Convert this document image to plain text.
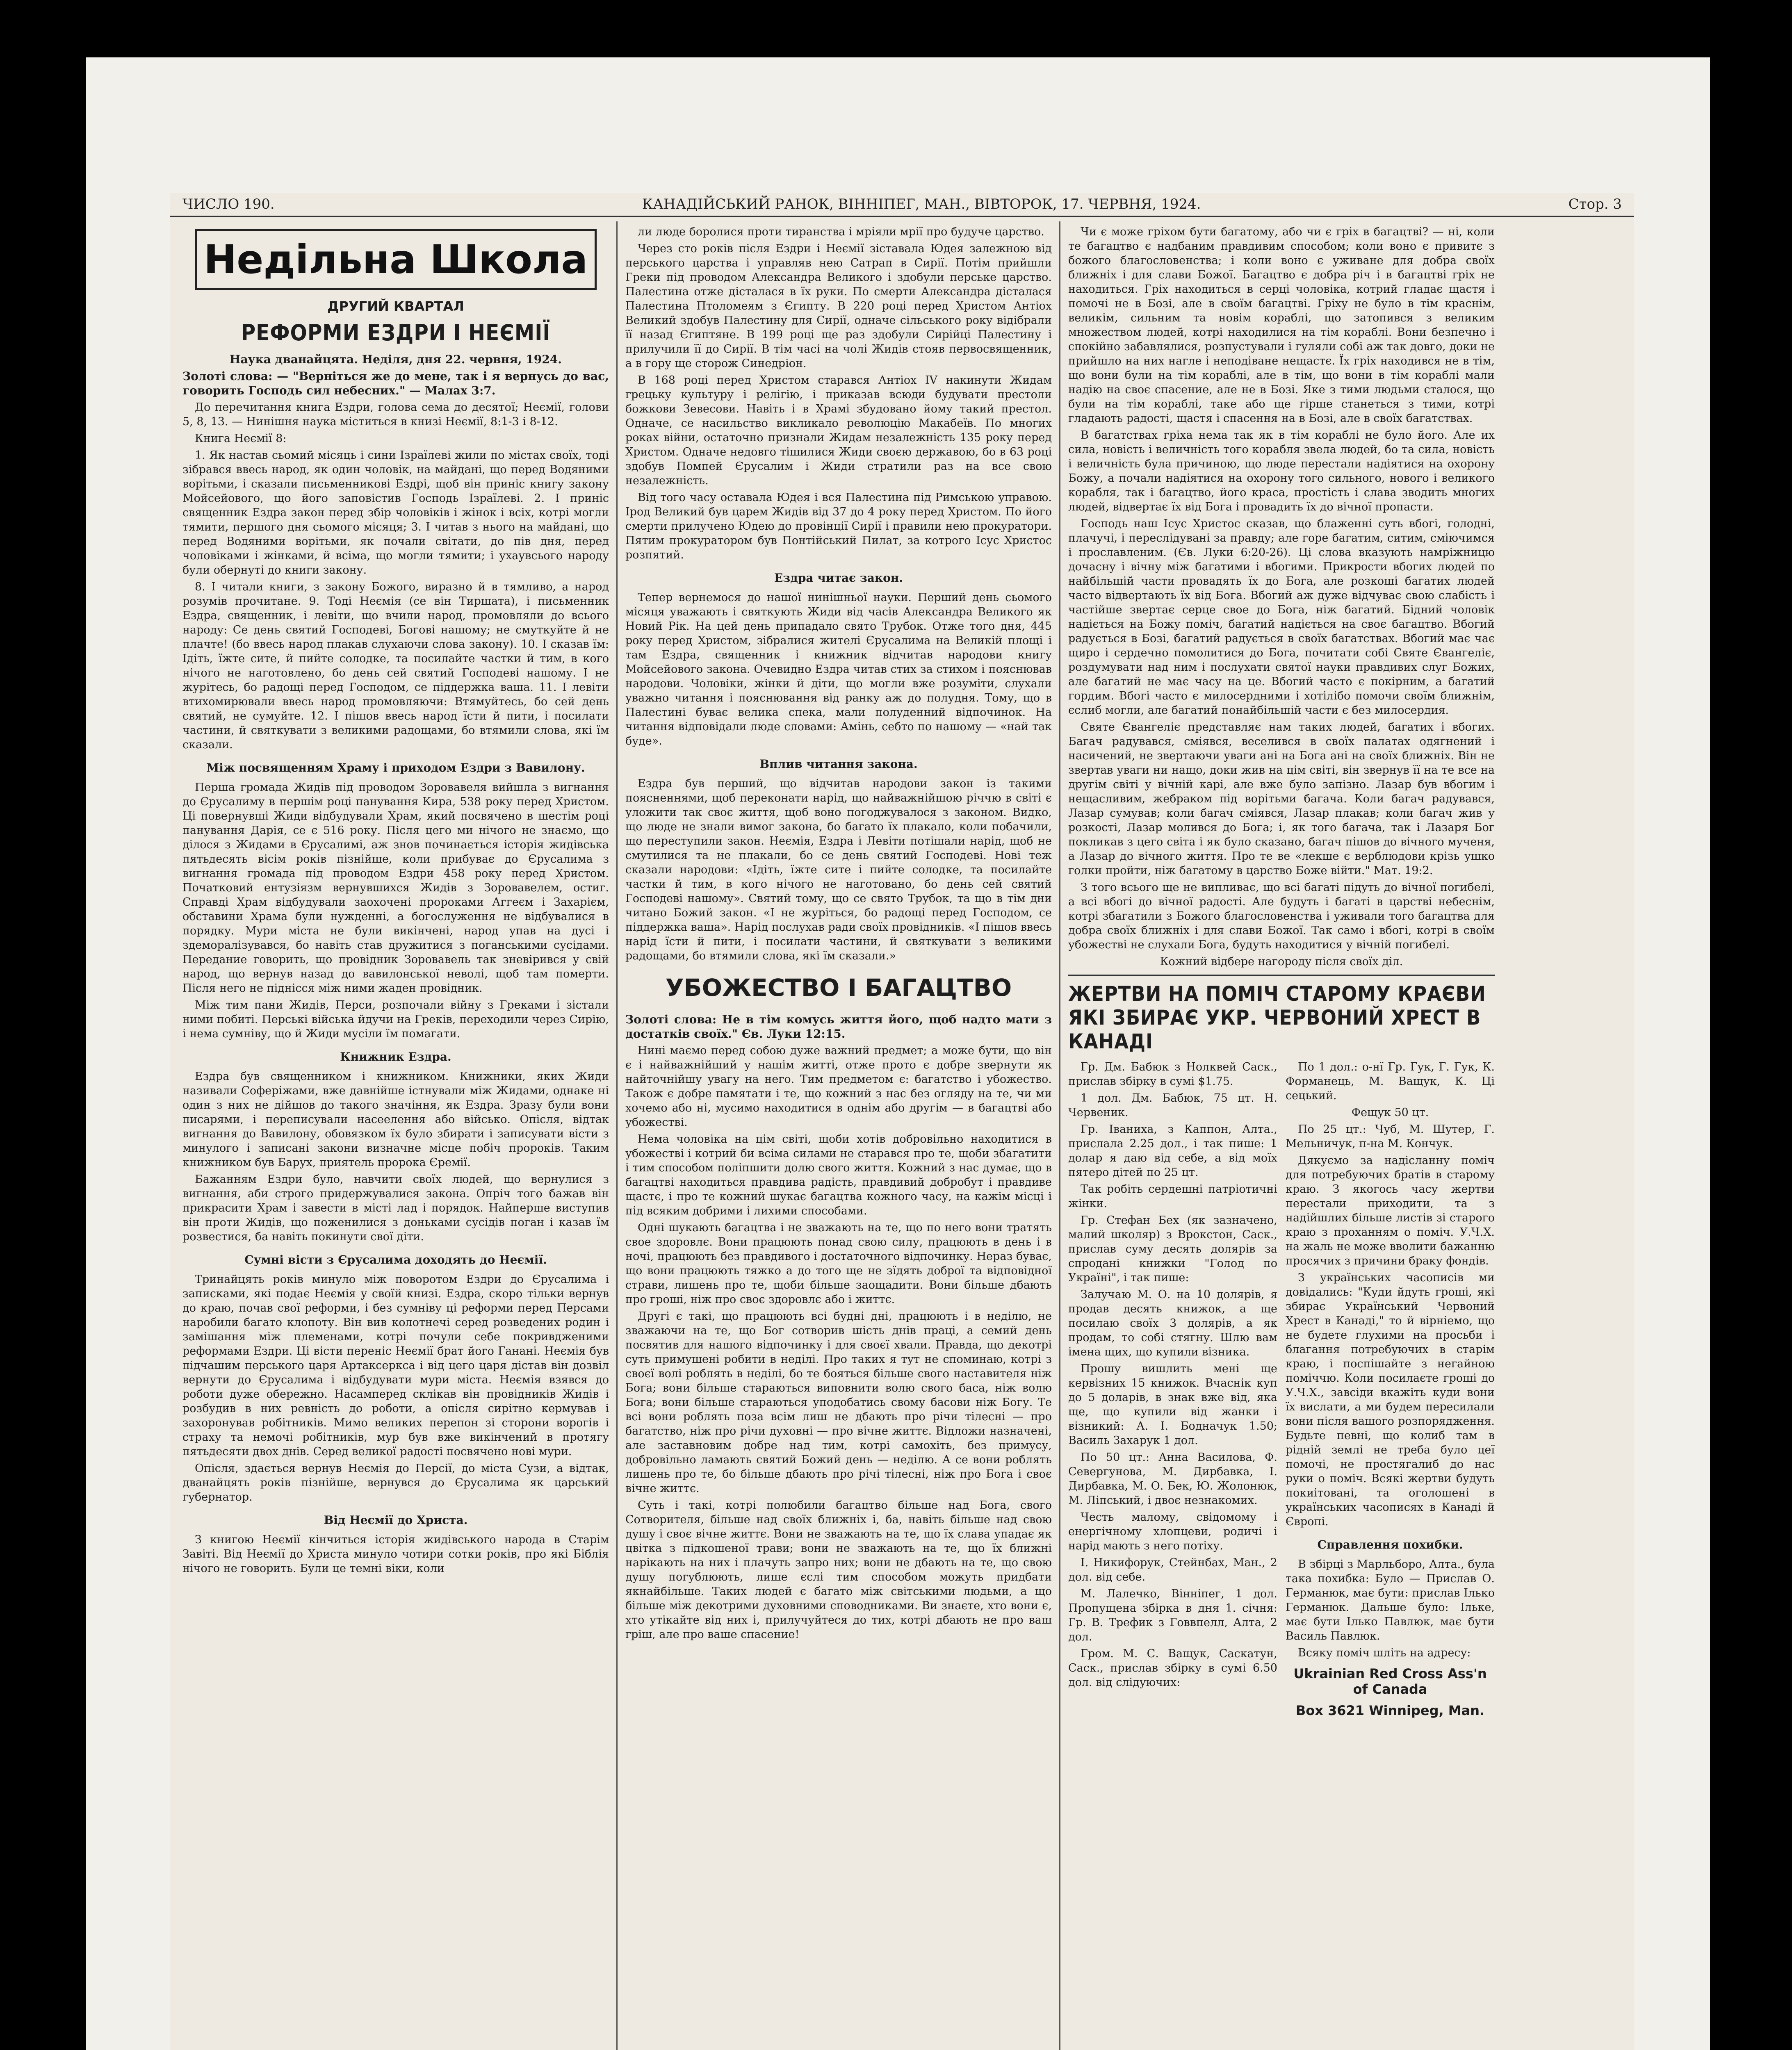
ЧИСЛО 190.	КАНАДІЙСЬКИЙ РАНОК, ВІННІПЕГ, МАН., ВІВТОРОК, 17. ЧЕРВНЯ, 1924.	Стор. 3
Недільна Школа
ДРУГИЙ КВАРТАЛ
РЕФОРМИ ЕЗДРИ І НЕЄМІЇ

Наука дванайцята. Неділя, дня 22. червня, 1924.

Золоті слова: — "Верніться же до мене, так і я вернусь до вас, говорить Господь сил небесних." — Малах 3:7.

До перечитання книга Ездри, голова сема до десятої; Неємії, голови 5, 8, 13. — Нинішня наука міститься в книзі Неємії, 8:1-3 і 8-12.

Книга Неємії 8:

1. Як настав сьомий місяць і сини Ізраїлеві жили по містах своїх, тоді зібрався ввесь народ, як один чоловік, на майдані, що перед Водяними ворітьми, і сказали письменникові Ездрі, щоб він приніс книгу закону Мойсейового, що його заповістив Господь Ізраїлеві. 2. І приніс священник Ездра закон перед збір чоловіків і жінок і всіх, котрі могли тямити, першого дня сьомого місяця; 3. І читав з нього на майдані, що перед Водяними ворітьми, як почали світати, до пів дня, перед чоловіками і жінками, й всіма, що могли тямити; і ухаувсього народу були обернуті до книги закону.

8. І читали книги, з закону Божого, виразно й в тямливо, а народ розумів прочитане. 9. Тоді Неємія (се він Тиршата), і письменник Ездра, священник, і левіти, що вчили народ, промовляли до всього народу: Се день святий Господеві, Богові нашому; не смуткуйте й не плачте! (бо ввесь народ плакав слухаючи слова закону). 10. І сказав їм: Ідіть, їжте сите, й пийте солодке, та посилайте частки й тим, в кого нічого не наготовлено, бо день сей святий Господеві нашому. І не журітесь, бо радощі перед Господом, се піддержка ваша. 11. І левіти втихомирювали ввесь народ промовляючи: Втямуйтесь, бо сей день святий, не сумуйте. 12. І пішов ввесь народ їсти й пити, і посилати частини, й святкувати з великими радощами, бо втямили слова, які їм сказали.

Між посвященням Храму і приходом Ездри з Вавилону.

Перша громада Жидів під проводом Зоровавеля вийшла з вигнання до Єрусалиму в першім році панування Кира, 538 року перед Христом. Ці повернувші Жиди відбудували Храм, який посвячено в шестім році панування Дарія, се є 516 року. Після цего ми нічого не знаємо, що ділося з Жидами в Єрусалимі, аж знов починається історія жидівська пятьдесять вісім років пізнійше, коли прибуває до Єрусалима з вигнання громада під проводом Ездри 458 року перед Христом. Початковий ентузіязм вернувшихся Жидів з Зоровавелем, остиг. Справді Храм відбудували заохочені пророками Аггеєм і Захарієм, обставини Храма були нужденні, а богослуження не відбувалися в порядку. Мури міста не були викінчені, народ упав на дусі і здеморалізувався, бо навіть став дружитися з поганськими сусідами. Передание говорить, що провідник Зоровавель так зневірився у свій народ, що вернув назад до вавилонської неволі, щоб там померти. Після него не піднісся між ними жаден провідник.

Між тим пани Жидів, Перси, розпочали війну з Греками і зістали ними побиті. Перські війська йдучи на Греків, переходили через Сирію, і нема сумніву, що й Жиди мусіли їм помагати.

Книжник Ездра.

Ездра був священником і книжником. Книжники, яких Жиди називали Соферіжами, вже давнійше істнували між Жидами, однаке ні один з них не дійшов до такого значіння, як Ездра. Зразу були вони писарями, і переписували насеелення або військо. Опісля, відтак вигнання до Вавилону, обовязком їх було збирати і записувати вісти з минулого і записані закони визначне місце побіч пророків. Таким книжником був Барух, приятель пророка Єремії.

Бажанням Ездри було, навчити своїх людей, що вернулися з вигнання, аби строго придержувалися закона. Опріч того бажав він прикрасити Храм і завести в місті лад і порядок. Найперше виступив він проти Жидів, що поженилися з доньками сусідів поган і казав їм розвестися, ба навіть покинути свої діти.

Сумні вісти з Єрусалима доходять до Неємії.

Тринайцять років минуло між поворотом Ездри до Єрусалима і записками, які подає Неємія у своїй книзі. Ездра, скоро тільки вернув до краю, почав свої реформи, і без сумніву ці реформи перед Персами наробили багато клопоту. Він вив колотнечі серед розведених родин і замішання між племенами, котрі почули себе покривдженими реформами Ездри. Ці вісти переніс Неємії брат його Ганані. Неємія був підчашим перського царя Артаксеркса і від цего царя дістав він дозвіл вернути до Єрусалима і відбудувати мури міста. Неємія взявся до роботи дуже обережно. Насамперед склікав він провідників Жидів і розбудив в них ревність до роботи, а опісля сирітно кермував і захоронував робітників. Мимо великих перепон зі сторони ворогів і страху та немочі робітників, мур був вже викінчений в протягу пятьдесяти двох днів. Серед великої радості посвячено нові мури.

Опісля, здається вернув Неємія до Персії, до міста Сузи, а відтак, дванайцять років пізнійше, вернувся до Єрусалима як царський губернатор.

Від Неємії до Христа.

З книгою Неємії кінчиться історія жидівського народа в Старім Завіті. Від Неємії до Христа минуло чотири сотки років, про які Біблія нічого не говорить. Були це темні віки, коли

ли люде боролися проти тиранства і мріяли мрії про будуче царство.

Через сто років після Ездри і Неємії зіставала Юдея залежною від перського царства і управляв нею Сатрап в Сирії. Потім прийшли Греки під проводом Александра Великого і здобули перське царство. Палестина отже дісталася в їх руки. По смерти Александра дісталася Палестина Птоломеям з Єгипту. В 220 році перед Христом Антіох Великий здобув Палестину для Сирії, одначе сільського року відібрали її назад Єгиптяне. В 199 році ще раз здобули Сирійці Палестину і прилучили її до Сирії. В тім часі на чолі Жидів стояв первосвященник, а в гору ще сторож Синедріон.

В 168 році перед Христом старався Антіох IV накинути Жидам грецьку культуру і релігію, і приказав всюди будувати престоли божкови Зевесови. Навіть і в Храмі збудовано йому такий престол. Одначе, се насильство викликало революцію Макабеїв. По многих роках війни, остаточно признали Жидам незалежність 135 року перед Христом. Одначе недовго тішилися Жиди своєю державою, бо в 63 році здобув Помпей Єрусалим і Жиди стратили раз на все свою незалежність.

Від того часу оставала Юдея і вся Палестина під Римською управою. Ірод Великий був царем Жидів від 37 до 4 року перед Христом. По його смерти прилучено Юдею до провінції Сирії і правили нею прокуратори. Пятим прокуратором був Понтійський Пилат, за котрого Ісус Христос розпятий.

Ездра читає закон.

Тепер вернемося до нашої нинішньої науки. Перший день сьомого місяця уважають і святкують Жиди від часів Александра Великого як Новий Рік. На цей день припадало свято Трубок. Отже того дня, 445 року перед Христом, зібралися жителі Єрусалима на Великій площі і там Ездра, священник і книжник відчитав народови книгу Мойсейового закона. Очевидно Ездра читав стих за стихом і пояснював народови. Чоловіки, жінки й діти, що могли вже розуміти, слухали уважно читання і пояснювання від ранку аж до полудня. Тому, що в Палестині буває велика спека, мали полуденний відпочинок. На читання відповідали люде словами: Амінь, себто по нашому — «най так буде».

Вплив читання закона.

Ездра був перший, що відчитав народови закон із такими поясненнями, щоб переконати нарід, що найважнійшою річчю в світі є уложити так своє життя, щоб воно погоджувалося з законом. Видко, що люде не знали вимог закона, бо багато їх плакало, коли побачили, що переступили закон. Неємія, Ездра і Левіти потішали нарід, щоб не смутилися та не плакали, бо се день святий Господеві. Нові теж сказали народови: «Ідіть, їжте сите і пийте солодке, та посилайте частки й тим, в кого нічого не наготовано, бо день сей святий Господеві нашому». Святий тому, що се свято Трубок, та що в тім дни читано Божий закон. «І не журіться, бо радощі перед Господом, се піддержка ваша». Нарід послухав ради своїх провідників. «І пішов ввесь нарід їсти й пити, і посилати частини, й святкувати з великими радощами, бо втямили слова, які їм сказали.»

УБОЖЕСТВО І БАГАЦТВО

Золоті слова: Не в тім комусь життя його, щоб надто мати з достатків своїх." Єв. Луки 12:15.

Нині маємо перед собою дуже важний предмет; а може бути, що він є і найважнійший у нашім житті, отже прото є добре звернути як найточнійшу увагу на него. Тим предметом є: багатство і убожество. Також є добре памятати і те, що кожний з нас без огляду на те, чи ми хочемо або ні, мусимо находитися в однім або другім — в багацтві або убожестві.

Нема чоловіка на цім світі, щоби хотів добровільно находитися в убожестві і котрий би всіма силами не старався про те, щоби збагатити і тим способом поліпшити долю свого життя. Кожний з нас думає, що в багацтві находиться правдива радість, правдивий добробут і правдиве щастє, і про те кожний шукає багацтва кожного часу, на кажім місці і під всяким добрими і лихими способами.

Одні шукають багацтва і не зважають на те, що по него вони тратять свое здоровлє. Вони працюють понад свою силу, працюють в день і в ночі, працюють без правдивого і достаточного відпочинку. Нераз буває, що вони працюють тяжко а до того ще не зїдять доброї та відповідної страви, лишень про те, щоби більше заощадити. Вони більше дбають про гроші, ніж про своє здоровлє або і життє.

Другі є такі, що працюють всі будні дні, працюють і в неділю, не зважаючи на те, що Бог сотворив шість днів праці, а семий день посвятив для нашого відпочинку і для своєї хвали. Правда, що декотрі суть примушені робити в неділі. Про таких я тут не споминаю, котрі з своєї волі роблять в неділі, бо те бояться більше свого наставителя ніж Бога; вони більше стараються виповнити волю свого баса, ніж волю Бога; вони більше стараються уподобатись свому басови ніж Богу. Те всі вони роблять поза всім лиш не дбають про річи тілесні — про багатство, ніж про річи духовні — про вічне життє. Відложи назначені, але заставновим добре над тим, котрі самохіть, без примусу, добровільно ламають святий Божий день — неділю. А се вони роблять лишень про те, бо більше дбають про річі тілесні, ніж про Бога і своє вічне життє.

Суть і такі, котрі полюбили багацтво більше над Бога, свого Сотворителя, більше над своїх ближніх і, ба, навіть більше над свою душу і своє вічне життє. Вони не зважають на те, що їх слава упадає як цвітка з підкошеної трави; вони не зважають на те, що їх ближні нарікають на них і плачуть запро них; вони не дбають на те, що свою душу погублюють, лише єслі тим способом можуть придбати якнайбільше. Таких людей є багато між світськими людьми, а що більше між декотрими духовними споводниками. Ви знаєте, хто вони є, хто утікайте від них і, прилучуйтеся до тих, котрі дбають не про ваш гріш, але про ваше спасение!

Чи є може гріхом бути багатому, або чи є гріх в багацтві? — ні, коли те багацтво є надбаним правдивим способом; коли воно є привитє з божого благословенства; і коли воно є уживане для добра своїх ближніх і для слави Божої. Багацтво є добра річ і в багацтві гріх не находиться. Гріх находиться в серці чоловіка, котрий гладає щастя і помочі не в Бозі, але в своїм багацтві. Гріху не було в тім краснім, великім, сильним та новім кораблі, що затопився з великим множеством людей, котрі находилися на тім кораблі. Вони безпечно і спокійно забавлялися, розпустували і гуляли собі аж так довго, доки не прийшло на них нагле і неподіване нещастє. Їх гріх находився не в тім, що вони були на тім кораблі, але в тім, що вони в тім кораблі мали надію на своє спасение, але не в Бозі. Яке з тими людьми сталося, що були на тім кораблі, таке або ще гірше станеться з тими, котрі гладають радості, щастя і спасення на в Бозі, але в своїх багатствах.

В багатствах гріха нема так як в тім кораблі не було його. Але их сила, новість і величність того корабля звела людей, бо та сила, новість і величність була причиною, що люде перестали надіятися на охорону Божу, а почали надіятися на охорону того сильного, нового і великого корабля, так і багацтво, його краса, простість і слава зводить многих людей, відвертає їх від Бога і провадить їх до вічної пропасти.

Господь наш Ісус Христос сказав, що блаженні суть вбогі, голодні, плачучі, і переслідувані за правду; але горе багатим, ситим, сміючимся і прославленим. (Єв. Луки 6:20-26). Ці слова вказують намріжницю дочасну і вічну між багатими і вбогими. Прикрости вбогих людей по найбільшій части провадять їх до Бога, але розкоші багатих людей часто відвертають їх від Бога. Вбогий аж дуже відчуває свою слабість і частійше звертає серце свое до Бога, ніж багатий. Бідний чоловік надіється на Божу поміч, багатий надіється на своє багацтво. Вбогий радується в Бозі, багатий радується в своїх багатствах. Вбогий має чає щиро і сердечно помолитися до Бога, почитати собі Святе Євангеліє, роздумувати над ним і послухати святої науки правдивих слуг Божих, але багатий не має часу на це. Вбогий часто є покірним, а багатий гордим. Вбогі часто є милосердними і хотілібо помочи своїм ближнім, єслиб могли, але багатий понайбільшій части є без милосердия.

Святе Євангеліє представляє нам таких людей, багатих і вбогих. Багач радувався, сміявся, веселився в своїх палатах одягнений і насичений, не звертаючи уваги ані на Бога ані на своїх ближніх. Він не звертав уваги ни нащо, доки жив на цім світі, він звернув її на те все на другім світі у вічній карі, але вже було запізно. Лазар був вбогим і нещасливим, жебраком під ворітьми багача. Коли багач радувався, Лазар сумував; коли багач сміявся, Лазар плакав; коли багач жив у розкості, Лазар молився до Бога; і, як того багача, так і Лазаря Бог покликав з цего світа і як було сказано, багач пішов до вічного мученя, а Лазар до вічного життя. Про те ве «лекше є верблюдови крізь ушко голки пройти, ніж багатому в царство Боже війти." Мат. 19:2.

З того всього ще не випливає, що всі багаті підуть до вічної погибелі, а всі вбогі до вічної радості. Але будуть і багаті в царстві небеснім, котрі збагатили з Божого благословенства і уживали того багацтва для добра своїх ближніх і для слави Божої. Так само і вбогі, котрі в своїм убожестві не слухали Бога, будуть находитися у вічній погибелі.

Кожний відбере нагороду після своїх діл.

ЖЕРТВИ НА ПОМІЧ СТАРОМУ КРАЄВИ ЯКІ ЗБИРАЄ УКР. ЧЕРВОНИЙ ХРЕСТ В КАНАДІ

Гр. Дм. Бабюк з Нолквей Саск., прислав збірку в сумі $1.75.

1 дол. Дм. Бабюк, 75 цт. Н. Червеник.

Гр. Іваниха, з Каппон, Алта., прислала 2.25 дол., і так пише: 1 долар я даю від себе, а від моїх пятеро дітей по 25 цт.

Так робіть сердешні патріотичні жінки.

Гр. Стефан Бех (як зазначено, малий школяр) з Врокстон, Саск., прислав суму десять долярів за спродані книжки "Голод по Україні", і так пише:

Залучаю М. О. на 10 долярів, я продав десять книжок, а ще посилаю своїх 3 долярів, а як продам, то собі стягну. Шлю вам імена щих, що купили візника.

Прошу вишлить мені ще кервізних 15 книжок. Вчаснік куп до 5 доларів, в знак вже від, яка ще, що купили від жанки і візникий: А. І. Бодначук 1.50; Василь Захарук 1 дол.

По 50 цт.: Анна Василова, Ф. Севергунова, М. Дирбавка, І. Дирбавка, М. О. Бек, Ю. Жолонюк, М. Ліпський, і двоє незнакомих.

Честь малому, свідомому і енергічному хлопцеви, родичі і нарід мають з него потіху.

І. Никифорук, Стейнбах, Ман., 2 дол. від себе.

М. Лалечко, Вінніпег, 1 дол. Пропущена збірка в дня 1. січня: Гр. В. Трефик з Говвпелл, Алта, 2 дол.

Гром. М. С. Ващук, Саскатун, Саск., прислав збірку в сумі 6.50 дол. від слідуючих:

По 1 дол.: о-нї Гр. Гук, Г. Гук, К. Форманець, М. Ващук, К. Ці сецький.

Фещук 50 цт.

По 25 цт.: Чуб, М. Шутер, Г. Мельничук, п-на М. Кончук.

Дякуємо за надісланну поміч для потребуючих братів в старому краю. З якогось часу жертви перестали приходити, та з надійшлих більше листів зі старого краю з проханням о поміч. У.Ч.Х. на жаль не може вволити бажанню просячих з причини браку фондів.

З українських часописів ми довідались: "Куди йдуть гроші, які збирає Український Червоний Хрест в Канаді," то й вірніемо, що не будете глухими на просьби і благання потребуючих в старім краю, і поспішайте з негайною поміччю. Коли посилаєте гроші до У.Ч.Х., завсіди вкажіть куди вони їх вислати, а ми будем пересилали вони після вашого розпорядження. Будьте певні, що колиб там в рідній землі не треба було цеї помочі, не простягалиб до нас руки о поміч. Всякі жертви будуть покиітовані, та оголошені в українських часописях в Канаді й Європі.

Справлення похибки.

В збірці з Марльборо, Алта., була така похибка: Було — Прислав О. Германюк, має бути: прислав Ілько Германюк. Дальше було: Ільке, має бути Ілько Павлюк, має бути Василь Павлюк.

Всяку поміч шліть на адресу:

Ukrainian Red Cross Ass'n of Canada
Box 3621 Winnipeg, Man.
